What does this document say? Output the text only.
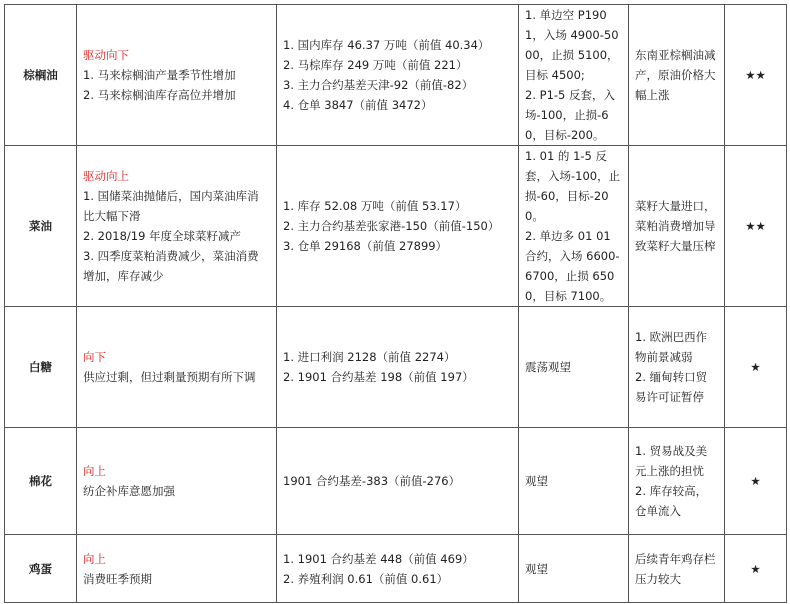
棕榈油	驱动向下
1. 马来棕榈油产量季节性增加
2. 马来棕榈油库存高位并增加	1. 国内库存 46.37 万吨（前值 40.34）
2. 马棕库存 249 万吨（前值 221）
3. 主力合约基差天津-92（前值-82）
4. 仓单 3847（前值 3472）	1. 单边空 P1901，入场 4900-5000，止损 5100，目标 4500;
2. P1-5 反套，入场-100，止损-60，目标-200。	东南亚棕榈油减产，原油价格大幅上涨	★★
菜油	驱动向上
1. 国储菜油抛储后，国内菜油库消比大幅下滑
2. 2018/19 年度全球菜籽减产
3. 四季度菜粕消费减少，菜油消费增加，库存减少	1. 库存 52.08 万吨（前值 53.17）
2. 主力合约基差张家港-150（前值-150）
3. 仓单 29168（前值 27899）	1. 01 的 1-5 反套，入场-100，止损-60，目标-200。
2. 单边多 01 01 合约，入场 6600-6700，止损 6500，目标 7100。	菜籽大量进口，菜粕消费增加导致菜籽大量压榨	★★
白糖	向下
供应过剩，但过剩量预期有所下调	1. 进口利润 2128（前值 2274）
2. 1901 合约基差 198（前值 197）	震荡观望	1. 欧洲巴西作物前景减弱
2. 缅甸转口贸易许可证暂停	★
棉花	向上
纺企补库意愿加强	1901 合约基差-383（前值-276）	观望	1. 贸易战及美元上涨的担忧
2. 库存较高，仓单流入	★
鸡蛋	向上
消费旺季预期	1. 1901 合约基差 448（前值 469）
2. 养殖利润 0.61（前值 0.61）	观望	后续青年鸡存栏压力较大	★
